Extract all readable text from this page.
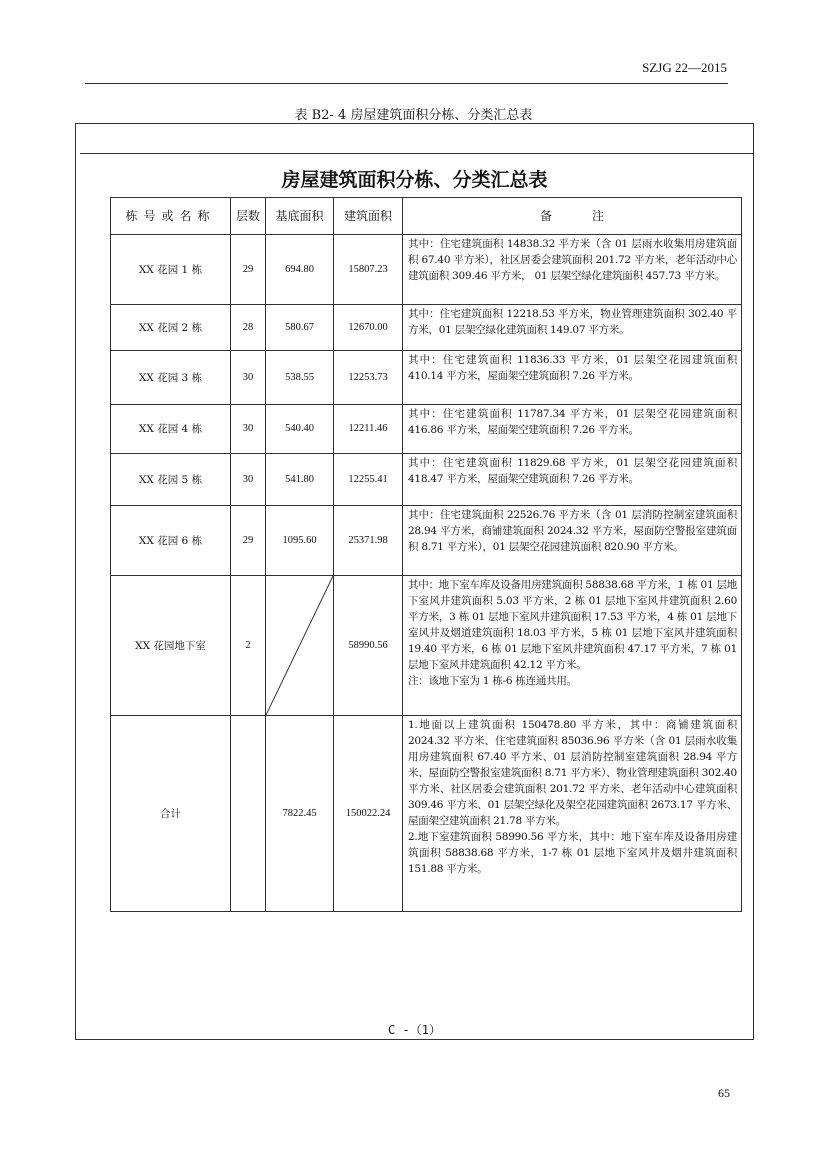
SZJG 22—2015
表 B2- 4 房屋建筑面积分栋、分类汇总表
房屋建筑面积分栋、分类汇总表
栋号或名称	层数	基底面积	建筑面积	备注
XX 花园 1 栋	29	694.80	15807.23	其中：住宅建筑面积 14838.32 平方米（含 01 层雨水收集用房建筑面积 67.40 平方米），社区居委会建筑面积 201.72 平方米，老年活动中心建筑面积 309.46 平方米， 01 层架空绿化建筑面积 457.73 平方米。
XX 花园 2 栋	28	580.67	12670.00	其中：住宅建筑面积 12218.53 平方米，物业管理建筑面积 302.40 平方米，01 层架空绿化建筑面积 149.07 平方米。
XX 花园 3 栋	30	538.55	12253.73	其中：住宅建筑面积 11836.33 平方米，01 层架空花园建筑面积 410.14 平方米，屋面架空建筑面积 7.26 平方米。
XX 花园 4 栋	30	540.40	12211.46	其中：住宅建筑面积 11787.34 平方米，01 层架空花园建筑面积 416.86 平方米，屋面架空建筑面积 7.26 平方米。
XX 花园 5 栋	30	541.80	12255.41	其中：住宅建筑面积 11829.68 平方米，01 层架空花园建筑面积 418.47 平方米，屋面架空建筑面积 7.26 平方米。
XX 花园 6 栋	29	1095.60	25371.98	其中：住宅建筑面积 22526.76 平方米（含 01 层消防控制室建筑面积 28.94 平方米，商铺建筑面积 2024.32 平方米，屋面防空警报室建筑面积 8.71 平方米），01 层架空花园建筑面积 820.90 平方米。
XX 花园地下室	2		58990.56	其中：地下室车库及设备用房建筑面积 58838.68 平方米，1 栋 01 层地下室风井建筑面积 5.03 平方米，2 栋 01 层地下室风井建筑面积 2.60 平方米，3 栋 01 层地下室风井建筑面积 17.53 平方米，4 栋 01 层地下室风井及烟道建筑面积 18.03 平方米，5 栋 01 层地下室风井建筑面积 19.40 平方米，6 栋 01 层地下室风井建筑面积 47.17 平方米，7 栋 01 层地下室风井建筑面积 42.12 平方米。
注：该地下室为 1 栋-6 栋连通共用。

合计		7822.45	150022.24	1.地面以上建筑面积 150478.80 平方米，其中：商铺建筑面积 2024.32 平方米、住宅建筑面积 85036.96 平方米（含 01 层雨水收集用房建筑面积 67.40 平方米、01 层消防控制室建筑面积 28.94 平方米、屋面防空警报室建筑面积 8.71 平方米）、物业管理建筑面积 302.40 平方米、社区居委会建筑面积 201.72 平方米、老年活动中心建筑面积 309.46 平方米、01 层架空绿化及架空花园建筑面积 2673.17 平方米、屋面架空建筑面积 21.78 平方米。
2.地下室建筑面积 58990.56 平方米，其中：地下室车库及设备用房建筑面积 58838.68 平方米，1-7 栋 01 层地下室风井及烟井建筑面积 151.88 平方米。
C -（1）
65
